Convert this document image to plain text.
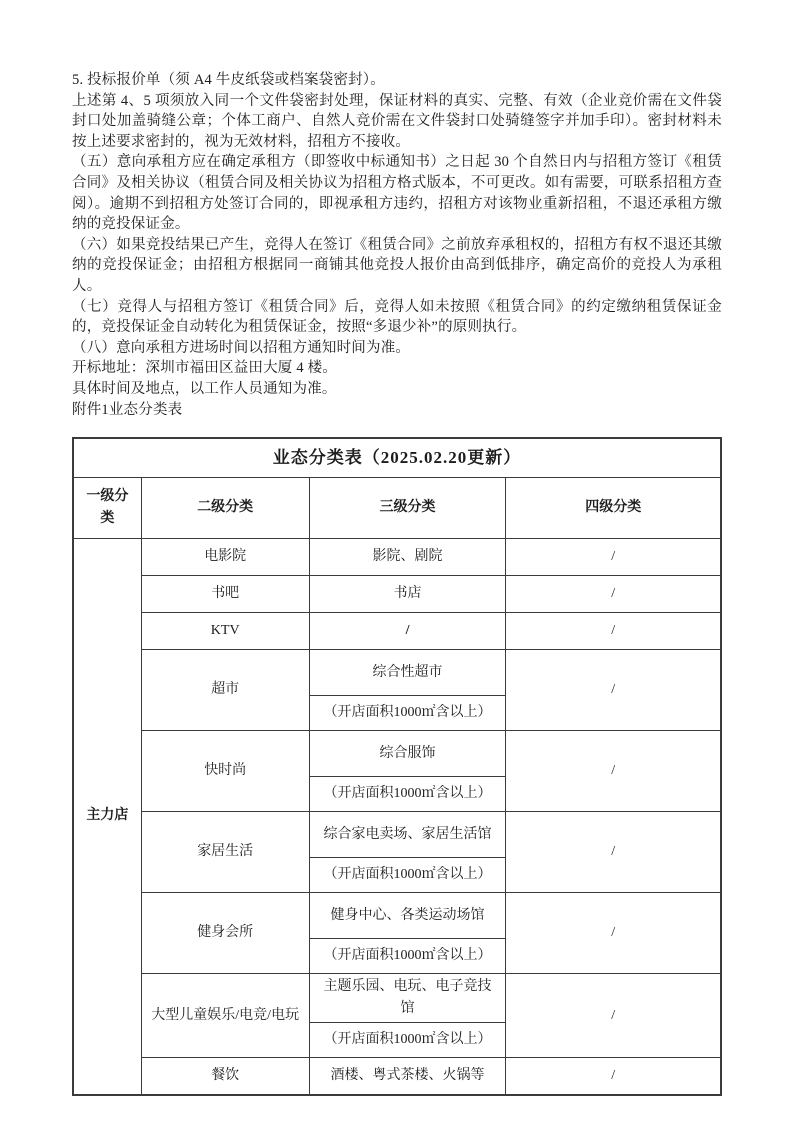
5. 投标报价单（须 A4 牛皮纸袋或档案袋密封）。

上述第 4、5 项须放入同一个文件袋密封处理，保证材料的真实、完整、有效（企业竞价需在文件袋封口处加盖骑缝公章；个体工商户、自然人竞价需在文件袋封口处骑缝签字并加手印）。密封材料未按上述要求密封的，视为无效材料，招租方不接收。

（五）意向承租方应在确定承租方（即签收中标通知书）之日起 30 个自然日内与招租方签订《租赁合同》及相关协议（租赁合同及相关协议为招租方格式版本，不可更改。如有需要，可联系招租方查阅）。逾期不到招租方处签订合同的，即视承租方违约，招租方对该物业重新招租，不退还承租方缴纳的竞投保证金。

（六）如果竞投结果已产生，竞得人在签订《租赁合同》之前放弃承租权的，招租方有权不退还其缴纳的竞投保证金；由招租方根据同一商铺其他竞投人报价由高到低排序，确定高价的竞投人为承租人。

（七）竞得人与招租方签订《租赁合同》后，竞得人如未按照《租赁合同》的约定缴纳租赁保证金的，竞投保证金自动转化为租赁保证金，按照“多退少补”的原则执行。

（八）意向承租方进场时间以招租方通知时间为准。

开标地址：深圳市福田区益田大厦 4 楼。

具体时间及地点，以工作人员通知为准。

附件1业态分类表

业态分类表（2025.02.20更新）			
一级分类	二级分类	三级分类	四级分类
主力店	电影院	影院、剧院	/
	书吧	书店	/
	KTV	/	/
	超市	综合性超市	/
		（开店面积1000㎡含以上）	
	快时尚	综合服饰	/
		（开店面积1000㎡含以上）	
	家居生活	综合家电卖场、家居生活馆	/
		（开店面积1000㎡含以上）	
	健身会所	健身中心、各类运动场馆	/
		（开店面积1000㎡含以上）	
	大型儿童娱乐/电竞/电玩	主题乐园、电玩、电子竞技馆	/
		（开店面积1000㎡含以上）	
	餐饮	酒楼、粤式茶楼、火锅等	/
